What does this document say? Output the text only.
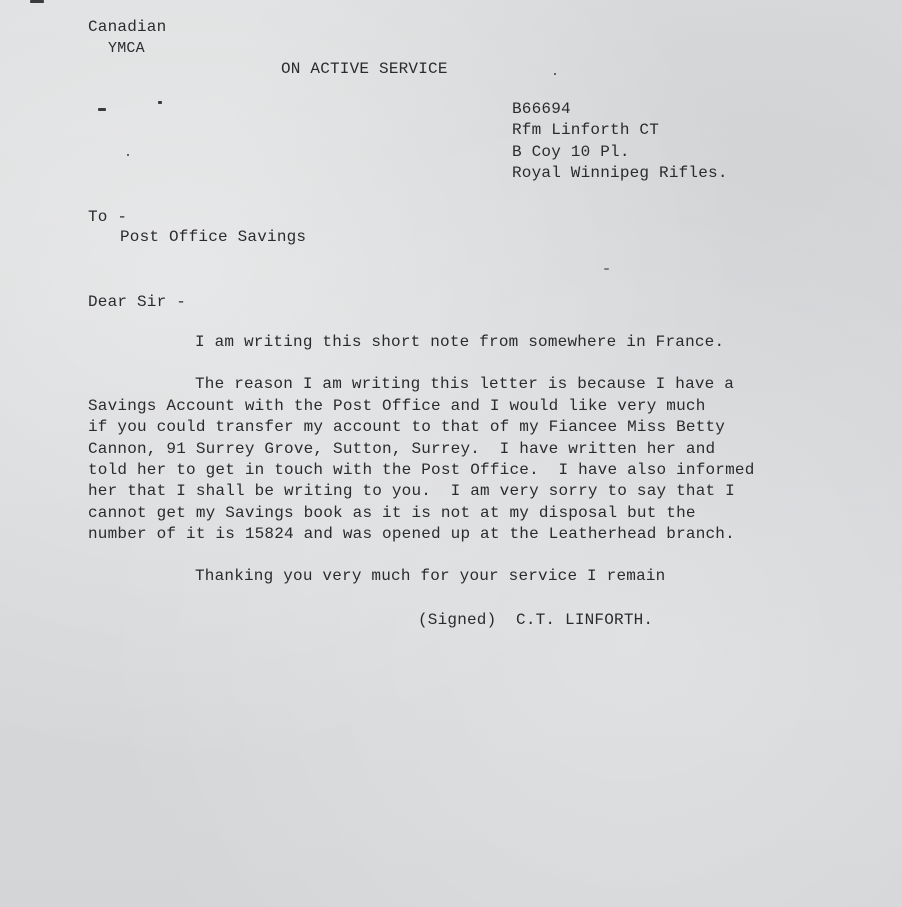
Canadian
YMCA
ON ACTIVE SERVICE
B66694
Rfm Linforth CT
B Coy 10 Pl.
Royal Winnipeg Rifles.
To -
Post Office Savings
Dear Sir -
I am writing this short note from somewhere in France.
The reason I am writing this letter is because I have a
Savings Account with the Post Office and I would like very much
if you could transfer my account to that of my Fiancee Miss Betty
Cannon, 91 Surrey Grove, Sutton, Surrey.  I have written her and
told her to get in touch with the Post Office.  I have also informed
her that I shall be writing to you.  I am very sorry to say that I
cannot get my Savings book as it is not at my disposal but the
number of it is 15824 and was opened up at the Leatherhead branch.
Thanking you very much for your service I remain
(Signed)  C.T. LINFORTH.
